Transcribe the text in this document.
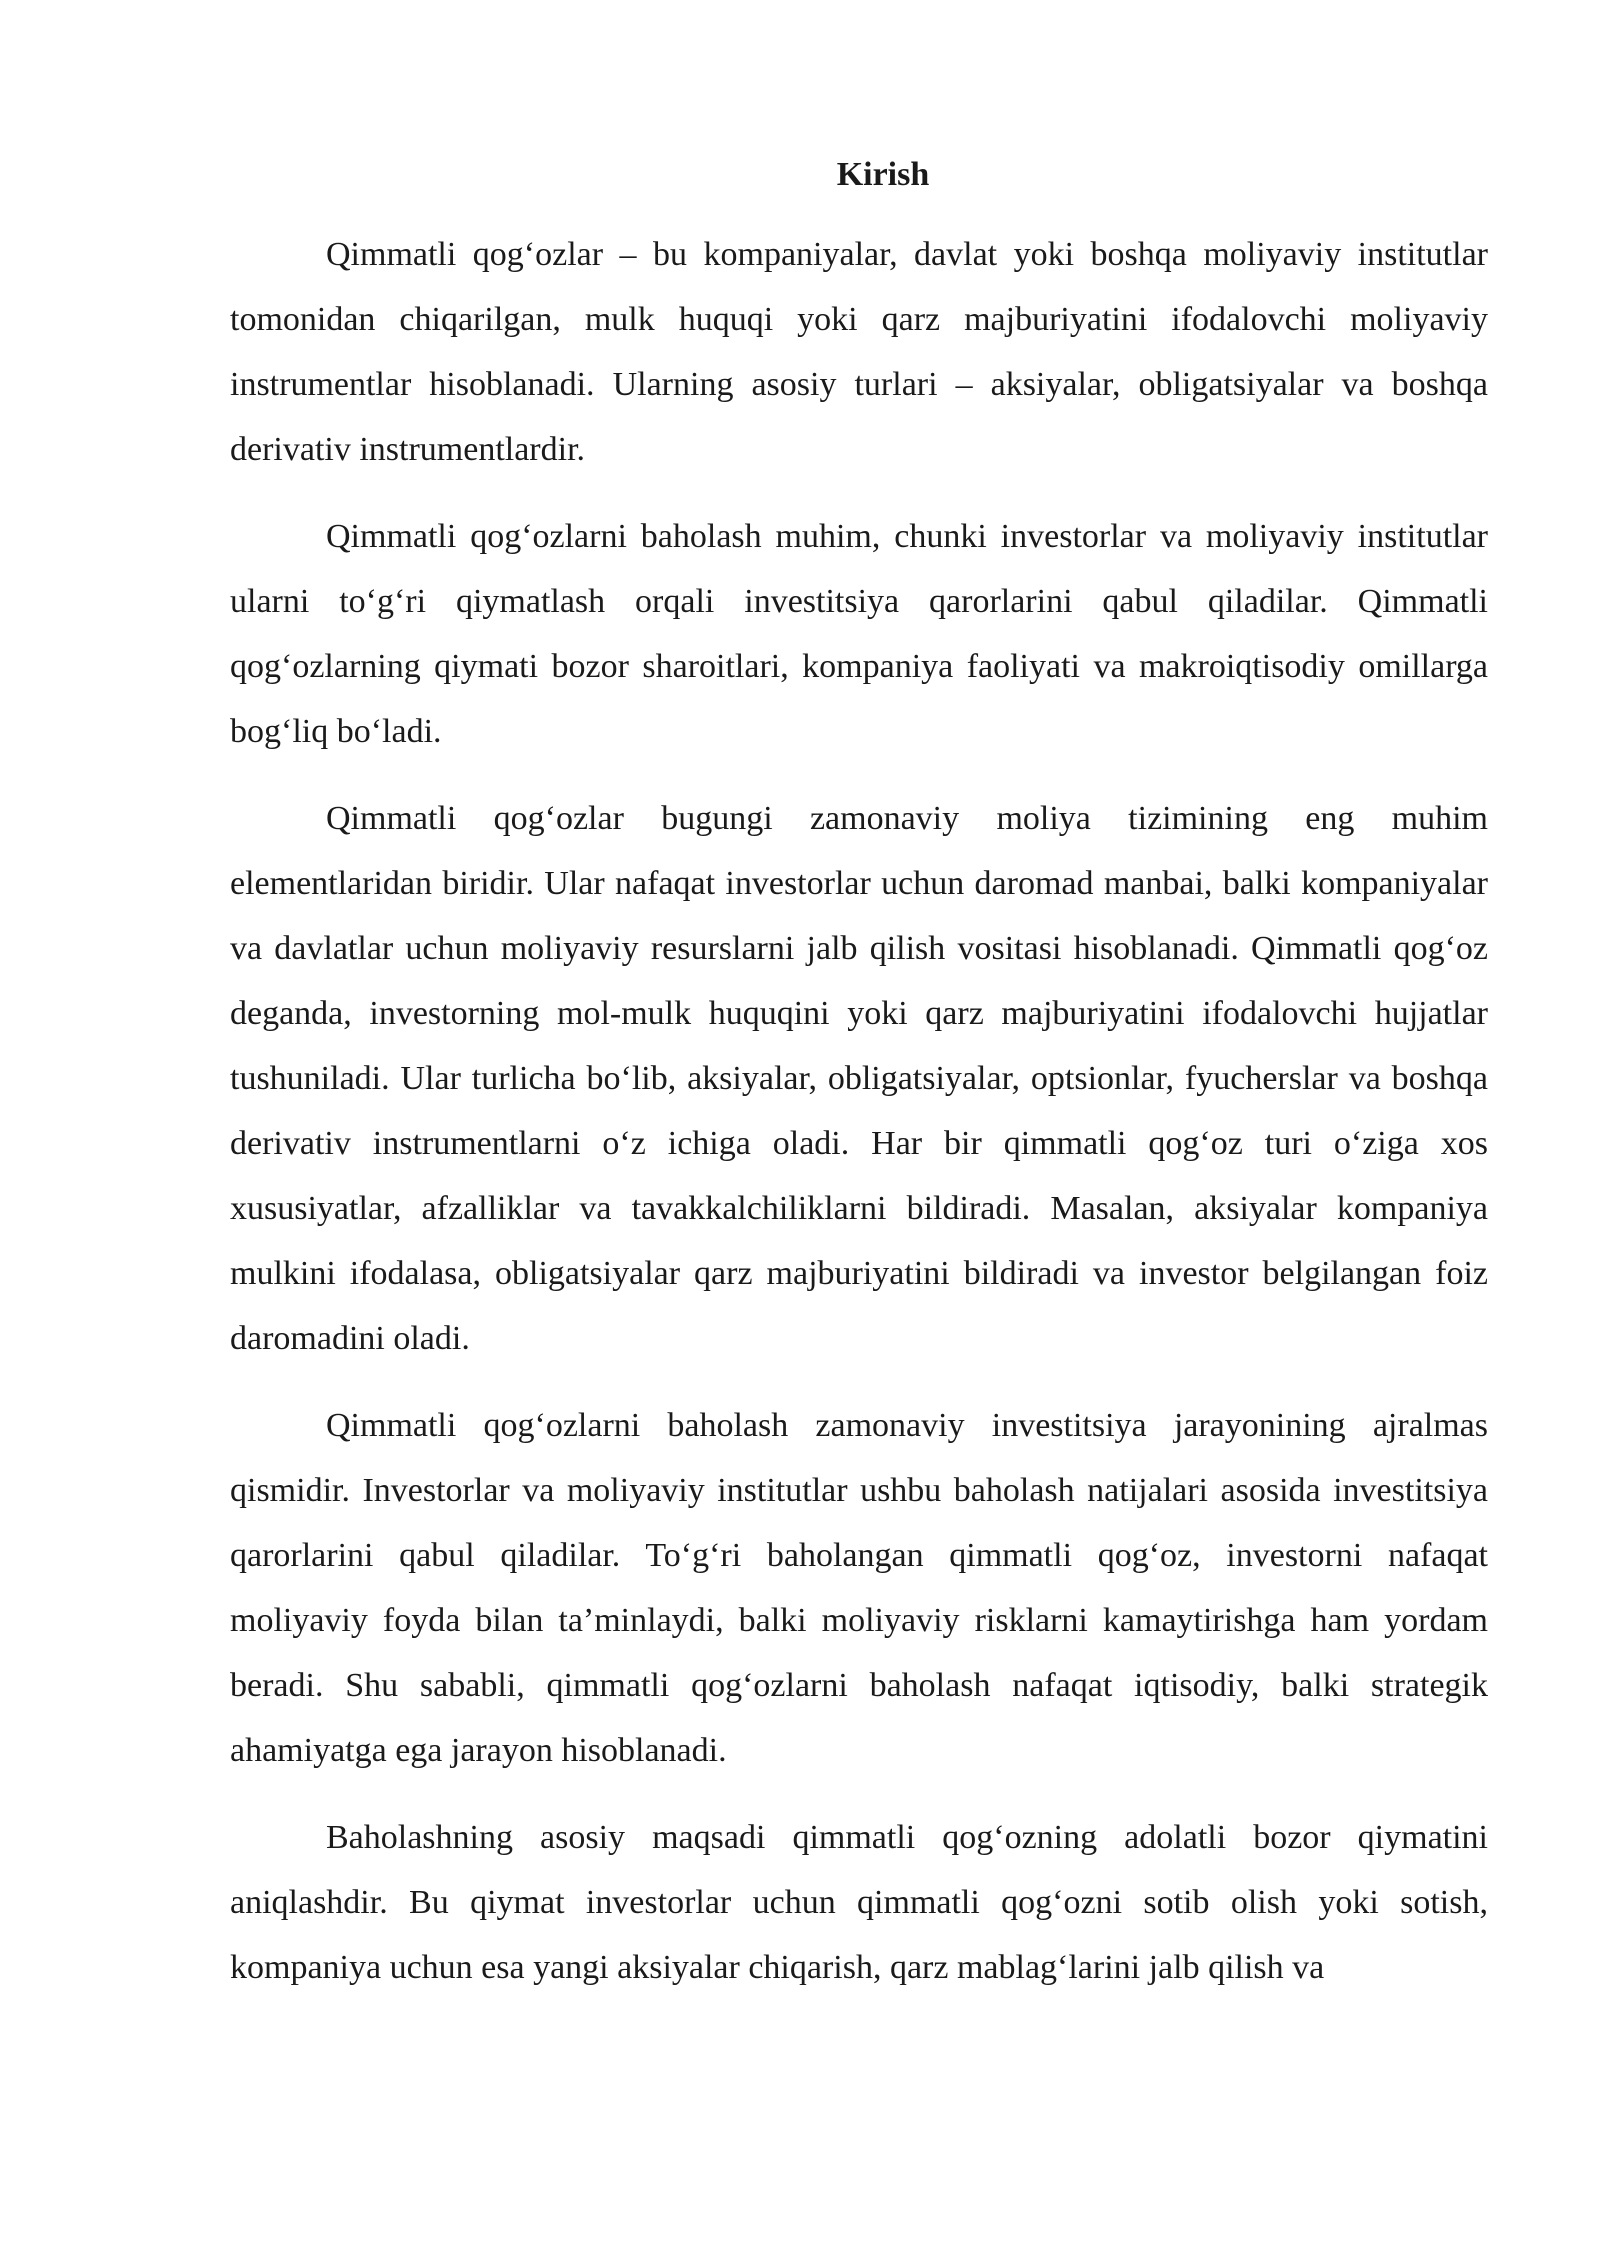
Kirish

Qimmatli qog‘ozlar – bu kompaniyalar, davlat yoki boshqa moliyaviy institutlar tomonidan chiqarilgan, mulk huquqi yoki qarz majburiyatini ifodalovchi moliyaviy instrumentlar hisoblanadi. Ularning asosiy turlari – aksiyalar, obligatsiyalar va boshqa derivativ instrumentlardir.

Qimmatli qog‘ozlarni baholash muhim, chunki investorlar va moliyaviy institutlar ularni to‘g‘ri qiymatlash orqali investitsiya qarorlarini qabul qiladilar. Qimmatli qog‘ozlarning qiymati bozor sharoitlari, kompaniya faoliyati va makroiqtisodiy omillarga bog‘liq bo‘ladi.

Qimmatli qog‘ozlar bugungi zamonaviy moliya tizimining eng muhim elementlaridan biridir. Ular nafaqat investorlar uchun daromad manbai, balki kompaniyalar va davlatlar uchun moliyaviy resurslarni jalb qilish vositasi hisoblanadi. Qimmatli qog‘oz deganda, investorning mol-mulk huquqini yoki qarz majburiyatini ifodalovchi hujjatlar tushuniladi. Ular turlicha bo‘lib, aksiyalar, obligatsiyalar, optsionlar, fyucherslar va boshqa derivativ instrumentlarni o‘z ichiga oladi. Har bir qimmatli qog‘oz turi o‘ziga xos xususiyatlar, afzalliklar va tavakkalchiliklarni bildiradi. Masalan, aksiyalar kompaniya mulkini ifodalasa, obligatsiyalar qarz majburiyatini bildiradi va investor belgilangan foiz daromadini oladi.

Qimmatli qog‘ozlarni baholash zamonaviy investitsiya jarayonining ajralmas qismidir. Investorlar va moliyaviy institutlar ushbu baholash natijalari asosida investitsiya qarorlarini qabul qiladilar. To‘g‘ri baholangan qimmatli qog‘oz, investorni nafaqat moliyaviy foyda bilan ta’minlaydi, balki moliyaviy risklarni kamaytirishga ham yordam beradi. Shu sababli, qimmatli qog‘ozlarni baholash nafaqat iqtisodiy, balki strategik ahamiyatga ega jarayon hisoblanadi.

Baholashning asosiy maqsadi qimmatli qog‘ozning adolatli bozor qiymatini aniqlashdir. Bu qiymat investorlar uchun qimmatli qog‘ozni sotib olish yoki sotish, kompaniya uchun esa yangi aksiyalar chiqarish, qarz mablag‘larini jalb qilish va
